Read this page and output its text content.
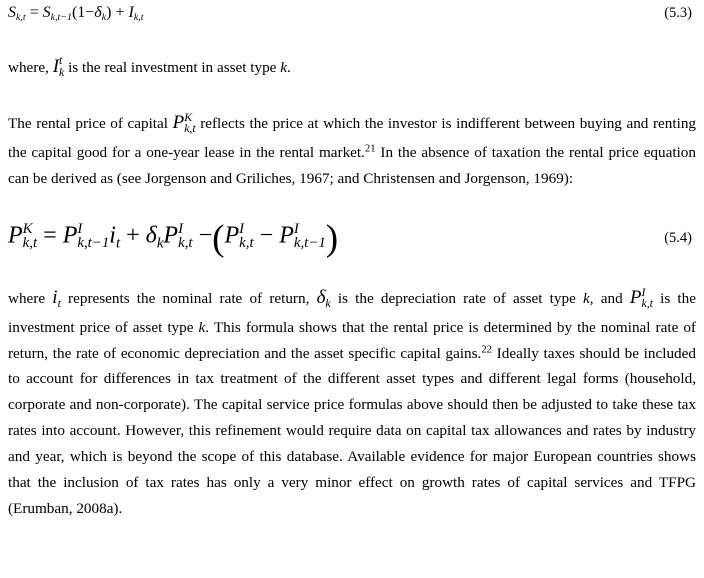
$S_{k,t} = S_{k,t-1}(1-\delta_k) + I_{k,t}$	(5.3)

where, I t
k is the real investment in asset type k.

The rental price of capital P K
k,t reflects the price at which the investor is indifferent between buying and renting the capital good for a one-year lease in the rental market.$^{21}$ In the absence of taxation the rental price equation can be derived as (see Jorgenson and Griliches, 1967; and Christensen and Jorgenson, 1969):

P K
k,t = P I
k,t−1 $i_t + \delta_kP$ I
k,t −(P I
k,t − P I
k,t−1 )	(5.4)

where $i_t$ represents the nominal rate of return, $\delta_k$ is the depreciation rate of asset type k, and P I
k,t is the investment price of asset type k. This formula shows that the rental price is determined by the nominal rate of return, the rate of economic depreciation and the asset specific capital gains.$^{22}$ Ideally taxes should be included to account for differences in tax treatment of the different asset types and different legal forms (household, corporate and non-corporate). The capital service price formulas above should then be adjusted to take these tax rates into account. However, this refinement would require data on capital tax allowances and rates by industry and year, which is beyond the scope of this database. Available evidence for major European countries shows that the inclusion of tax rates has only a very minor effect on growth rates of capital services and TFPG (Erumban, 2008a).
